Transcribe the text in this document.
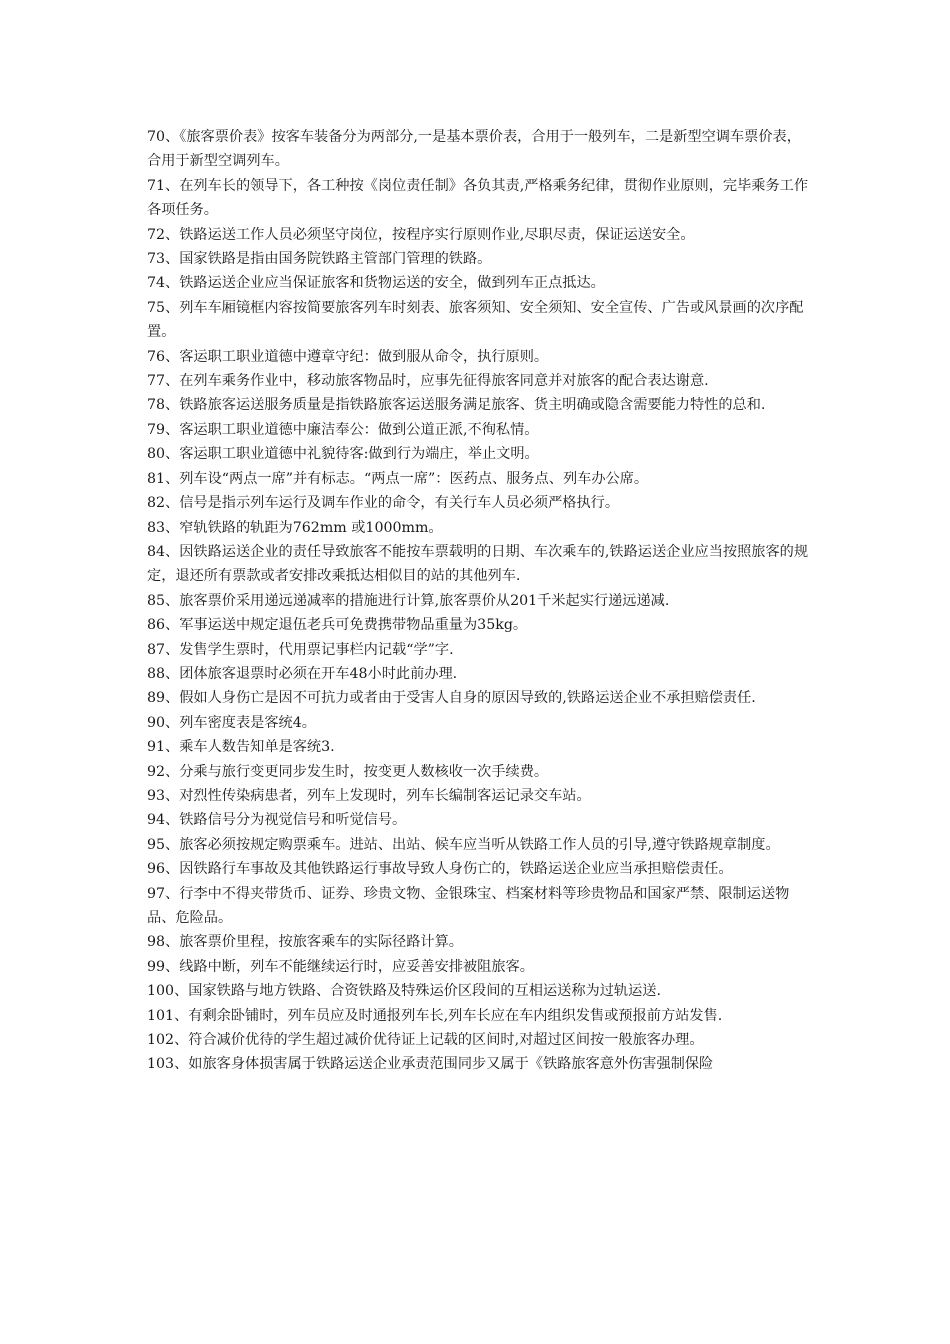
70、《旅客票价表》按客车装备分为两部分,一是基本票价表，合用于一般列车，二是新型空调车票价表，合用于新型空调列车。

71、在列车长的领导下，各工种按《岗位责任制》各负其责,严格乘务纪律，贯彻作业原则，完毕乘务工作各项任务。

72、铁路运送工作人员必须坚守岗位，按程序实行原则作业,尽职尽责，保证运送安全。

73、国家铁路是指由国务院铁路主管部门管理的铁路。

74、铁路运送企业应当保证旅客和货物运送的安全，做到列车正点抵达。

75、列车车厢镜框内容按简要旅客列车时刻表、旅客须知、安全须知、安全宣传、广告或风景画的次序配置。

76、客运职工职业道德中遵章守纪：做到服从命令，执行原则。

77、在列车乘务作业中，移动旅客物品时，应事先征得旅客同意并对旅客的配合表达谢意.

78、铁路旅客运送服务质量是指铁路旅客运送服务满足旅客、货主明确或隐含需要能力特性的总和.

79、客运职工职业道德中廉洁奉公：做到公道正派,不徇私情。

80、客运职工职业道德中礼貌待客:做到行为端庄，举止文明。

81、列车设“两点一席”并有标志。“两点一席”：医药点、服务点、列车办公席。

82、信号是指示列车运行及调车作业的命令，有关行车人员必须严格执行。

83、窄轨铁路的轨距为762mm 或1000mm。

84、因铁路运送企业的责任导致旅客不能按车票载明的日期、车次乘车的,铁路运送企业应当按照旅客的规定，退还所有票款或者安排改乘抵达相似目的站的其他列车.

85、旅客票价采用递远递减率的措施进行计算,旅客票价从201千米起实行递远递减.

86、军事运送中规定退伍老兵可免费携带物品重量为35kg。

87、发售学生票时，代用票记事栏内记载“学”字.

88、团体旅客退票时必须在开车48小时此前办理.

89、假如人身伤亡是因不可抗力或者由于受害人自身的原因导致的,铁路运送企业不承担赔偿责任.

90、列车密度表是客统4。

91、乘车人数告知单是客统3.

92、分乘与旅行变更同步发生时，按变更人数核收一次手续费。

93、对烈性传染病患者，列车上发现时，列车长编制客运记录交车站。

94、铁路信号分为视觉信号和听觉信号。

95、旅客必须按规定购票乘车。进站、出站、候车应当听从铁路工作人员的引导,遵守铁路规章制度。

96、因铁路行车事故及其他铁路运行事故导致人身伤亡的，铁路运送企业应当承担赔偿责任。

97、行李中不得夹带货币、证券、珍贵文物、金银珠宝、档案材料等珍贵物品和国家严禁、限制运送物品、危险品。

98、旅客票价里程，按旅客乘车的实际径路计算。

99、线路中断，列车不能继续运行时，应妥善安排被阻旅客。

100、国家铁路与地方铁路、合资铁路及特殊运价区段间的互相运送称为过轨运送.

101、有剩余卧铺时，列车员应及时通报列车长,列车长应在车内组织发售或预报前方站发售.

102、符合减价优待的学生超过减价优待证上记载的区间时,对超过区间按一般旅客办理。

103、如旅客身体损害属于铁路运送企业承责范围同步又属于《铁路旅客意外伤害强制保险
